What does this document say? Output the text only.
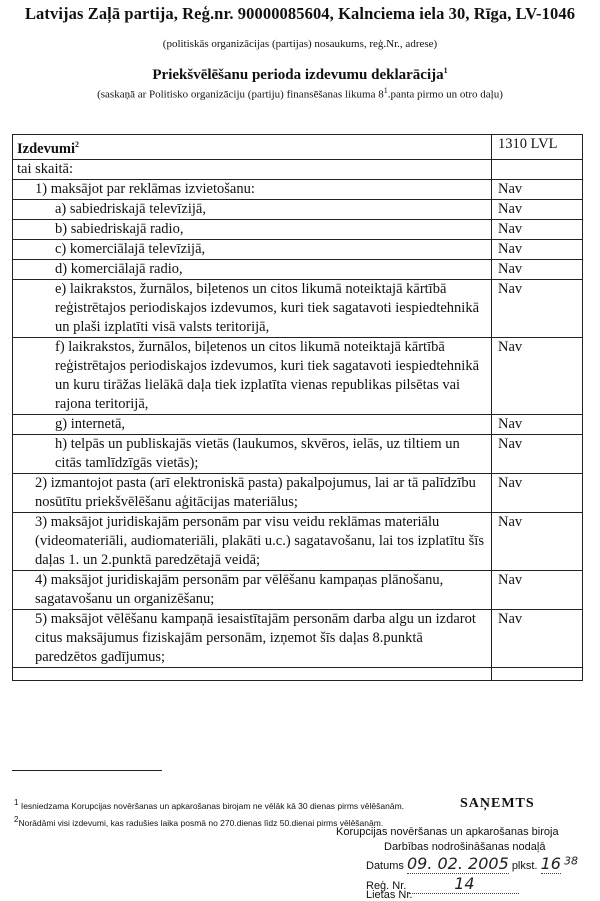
Latvijas Zaļā partija, Reģ.nr. 90000085604, Kalnciema iela 30, Rīga, LV-1046
(politiskās organizācijas (partijas) nosaukums, reģ.Nr., adrese)
Priekšvēlēšanu perioda izdevumu deklarācija$^1$
(saskaņā ar Politisko organizāciju (partiju) finansēšanas likuma $8^1.panta$ pirmo un otro daļu)
Izdevumi$^2$	1310 LVL
tai skaitā:	
1) maksājot par reklāmas izvietošanu:	Nav
a) sabiedriskajā televīzijā,	Nav
b) sabiedriskajā radio,	Nav
c) komerciālajā televīzijā,	Nav
d) komerciālajā radio,	Nav
e) laikrakstos, žurnālos, biļetenos un citos likumā noteiktajā kārtībā reģistrētajos periodiskajos izdevumos, kuri tiek sagatavoti iespiedtehnikā un plaši izplatīti visā valsts teritorijā,	Nav
f) laikrakstos, žurnālos, biļetenos un citos likumā noteiktajā kārtībā reģistrētajos periodiskajos izdevumos, kuri tiek sagatavoti iespiedtehnikā un kuru tirāžas lielākā daļa tiek izplatīta vienas republikas pilsētas vai rajona teritorijā,	Nav
g) internetā,	Nav
h) telpās un publiskajās vietās (laukumos, skvēros, ielās, uz tiltiem un citās tamlīdzīgās vietās);	Nav
2) izmantojot pasta (arī elektroniskā pasta) pakalpojumus, lai ar tā palīdzību nosūtītu priekšvēlēšanu aģitācijas materiālus;	Nav
3) maksājot juridiskajām personām par visu veidu reklāmas materiālu (videomateriāli, audiomateriāli, plakāti u.c.) sagatavošanu, lai tos izplatītu šīs daļas 1. un 2.punktā paredzētajā veidā;	Nav
4) maksājot juridiskajām personām par vēlēšanu kampaņas plānošanu, sagatavošanu un organizēšanu;	Nav
5) maksājot vēlēšanu kampaņā iesaistītajām personām darba algu un izdarot citus maksājumus fiziskajām personām, izņemot šīs daļas 8.punktā paredzētos gadījumus;	Nav

$^1$ Iesniedzama Korupcijas novēršanas un apkarošanas birojam ne vēlāk kā 30 dienas pirms vēlēšanām.
$^2$Norādāmi visi izdevumi, kas radušies laika posmā no 270.dienas līdz 50.dienai pirms vēlēšanām.
SAŅEMTS
Korupcijas novēršanas un apkarošanas biroja
Darbības nodrošināšanas nodaļā
Datums 09. 02. 2005 plkst. 16 $^{38}$
Reģ. Nr.	14
Lietas Nr.
